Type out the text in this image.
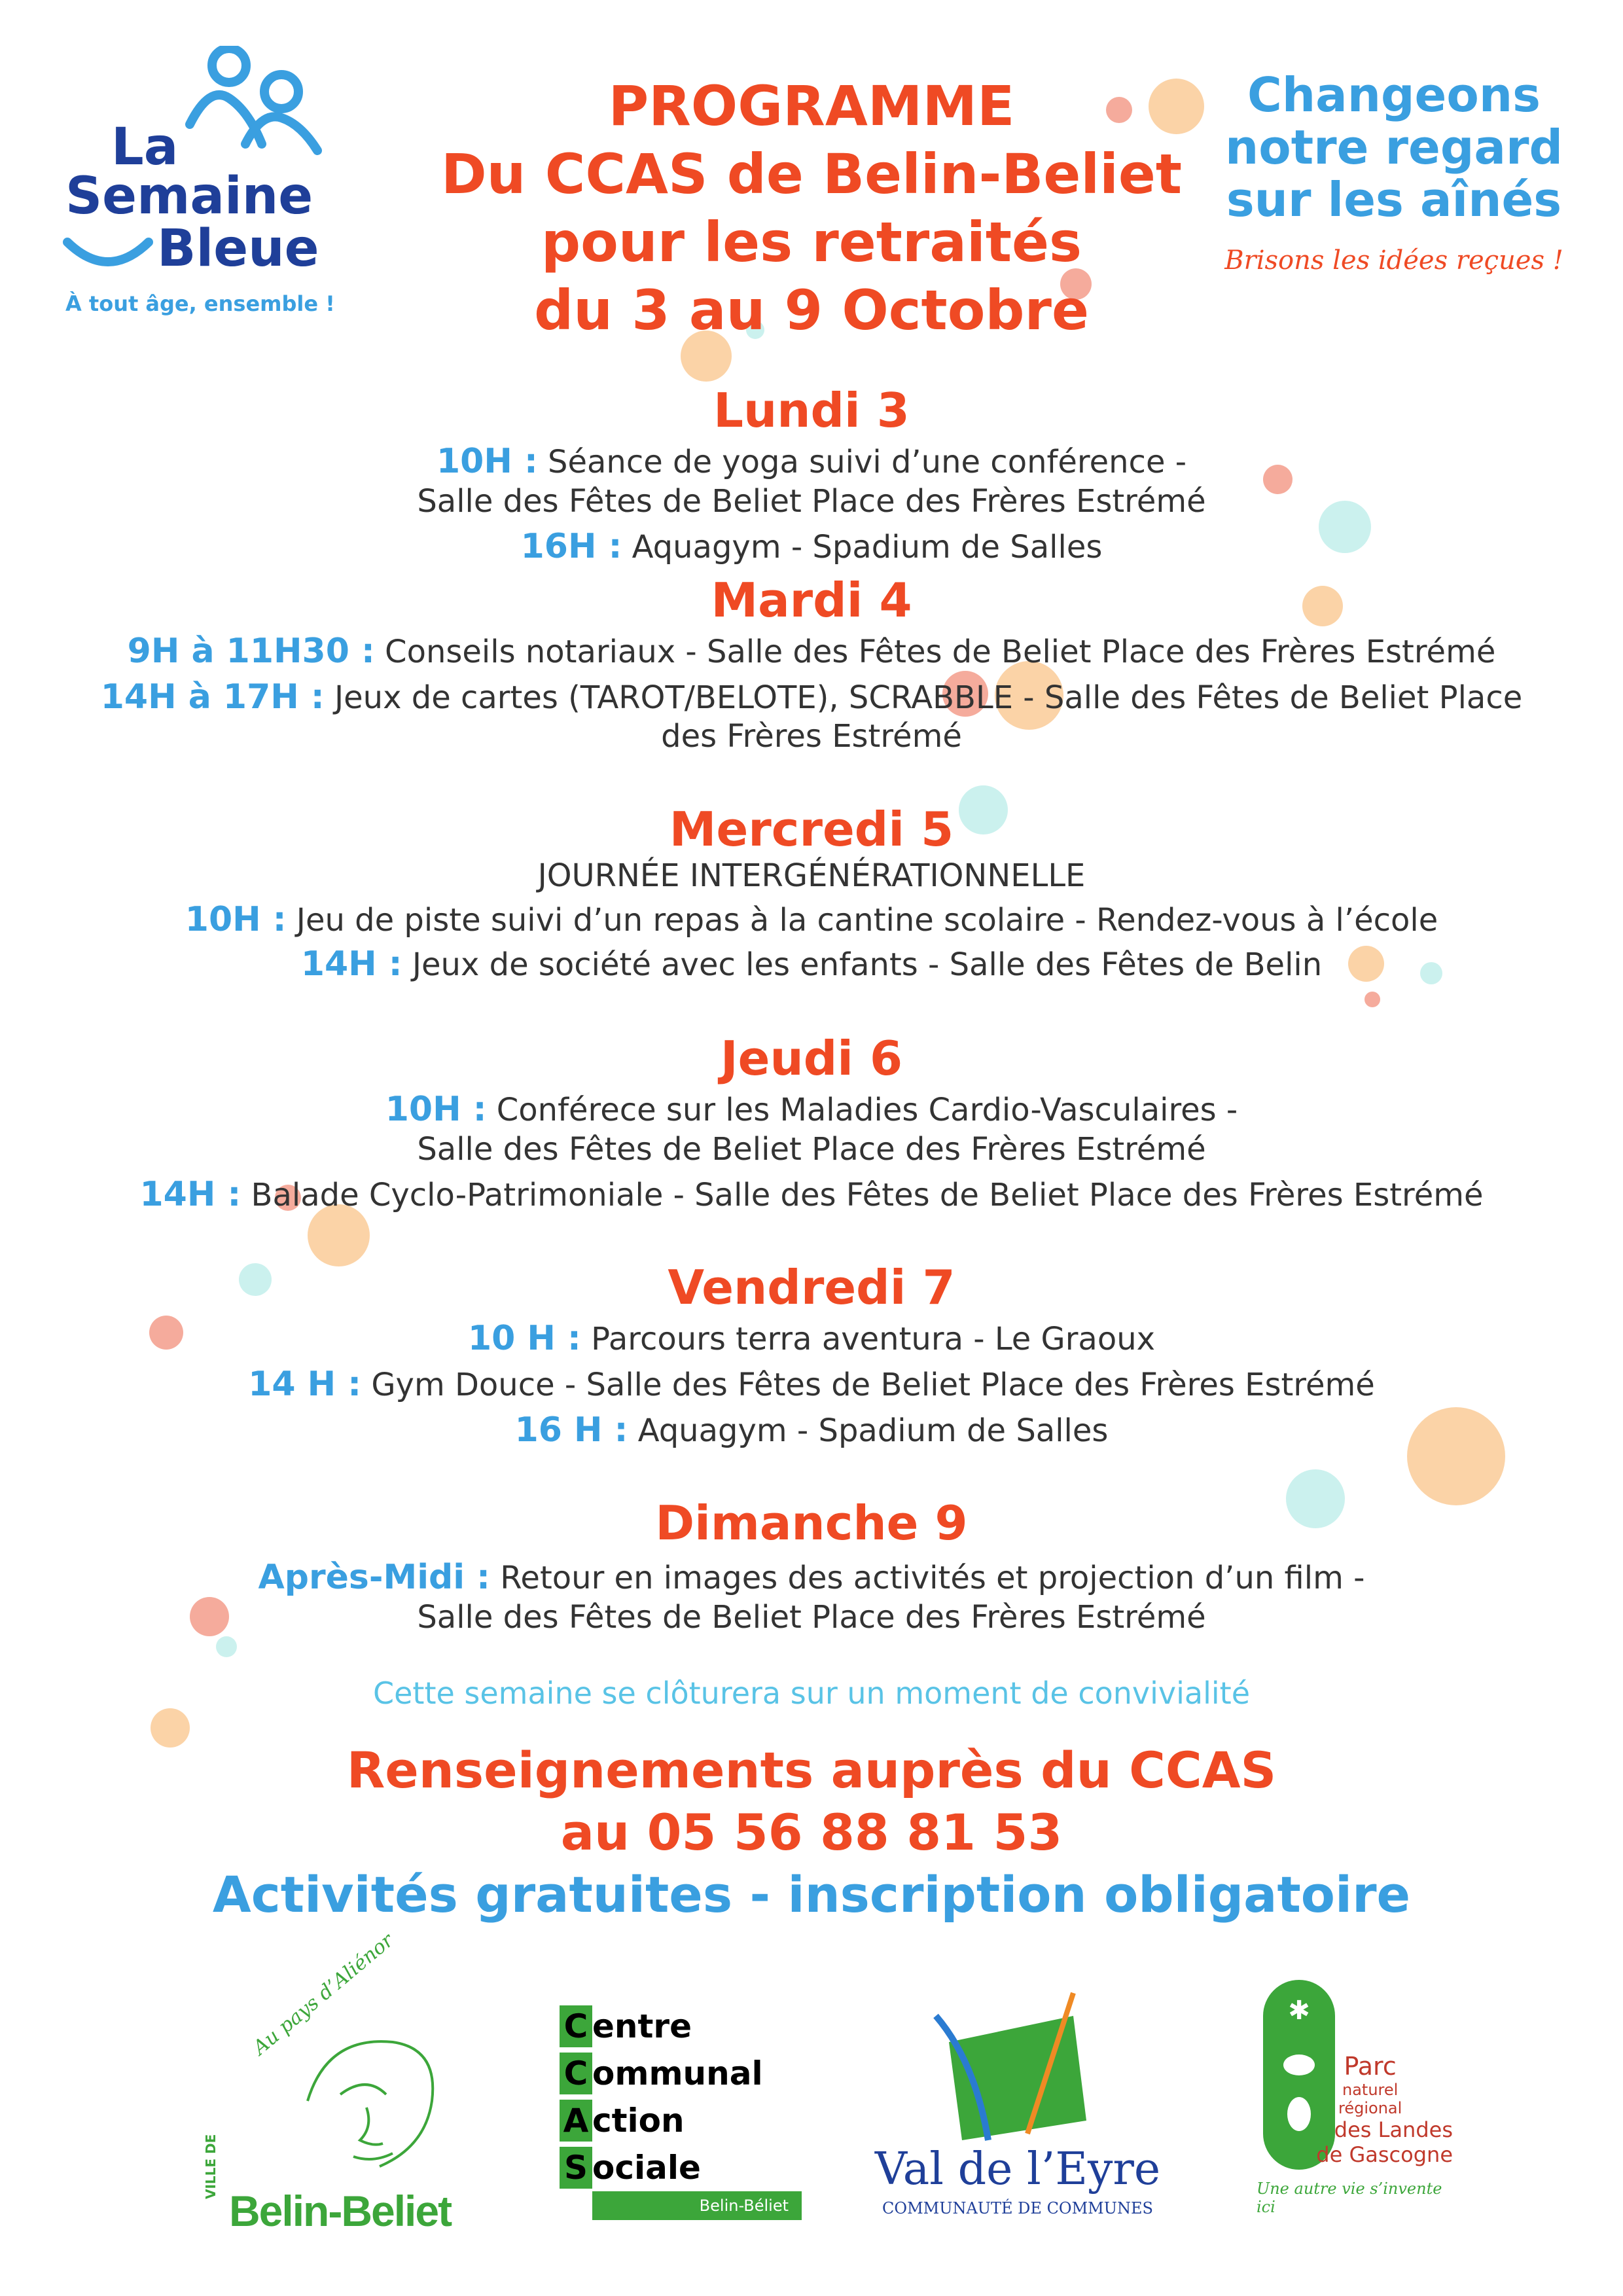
La
Semaine
Bleue
À tout âge, ensemble !
PROGRAMME
Du CCAS de Belin-Beliet
pour les retraités
du 3 au 9 Octobre
Changeons
notre regard
sur les aînés
Brisons les idées reçues !
Lundi 3
10H : Séance de yoga suivi d’une conférence -
Salle des Fêtes de Beliet Place des Frères Estrémé
16H : Aquagym - Spadium de Salles
Mardi 4
9H à 11H30 : Conseils notariaux - Salle des Fêtes de Beliet Place des Frères Estrémé
14H à 17H : Jeux de cartes (TAROT/BELOTE), SCRABBLE - Salle des Fêtes de Beliet Place
des Frères Estrémé
Mercredi 5
JOURNÉE INTERGÉNÉRATIONNELLE
10H : Jeu de piste suivi d’un repas à la cantine scolaire - Rendez-vous à l’école
14H : Jeux de société avec les enfants - Salle des Fêtes de Belin
Jeudi 6
10H : Conférece sur les Maladies Cardio-Vasculaires -
Salle des Fêtes de Beliet Place des Frères Estrémé
14H : Balade Cyclo-Patrimoniale - Salle des Fêtes de Beliet Place des Frères Estrémé
Vendredi 7
10 H : Parcours terra aventura - Le Graoux
14 H : Gym Douce - Salle des Fêtes de Beliet Place des Frères Estrémé
16 H : Aquagym - Spadium de Salles
Dimanche 9
Après-Midi : Retour en images des activités et projection d’un film -
Salle des Fêtes de Beliet Place des Frères Estrémé
Cette semaine se clôturera sur un moment de convivialité
Renseignements auprès du CCAS
au 05 56 88 81 53
Activités gratuites - inscription obligatoire
Au pays d’Aliénor
VILLE DE
Belin-Beliet
C entre
C ommunal
A ction
S ociale
Belin-Béliet
Val de l’Eyre
COMMUNAUTÉ DE COMMUNES
✱
Parc
naturel
régional
des Landes
de Gascogne
Une autre vie s’invente ici
